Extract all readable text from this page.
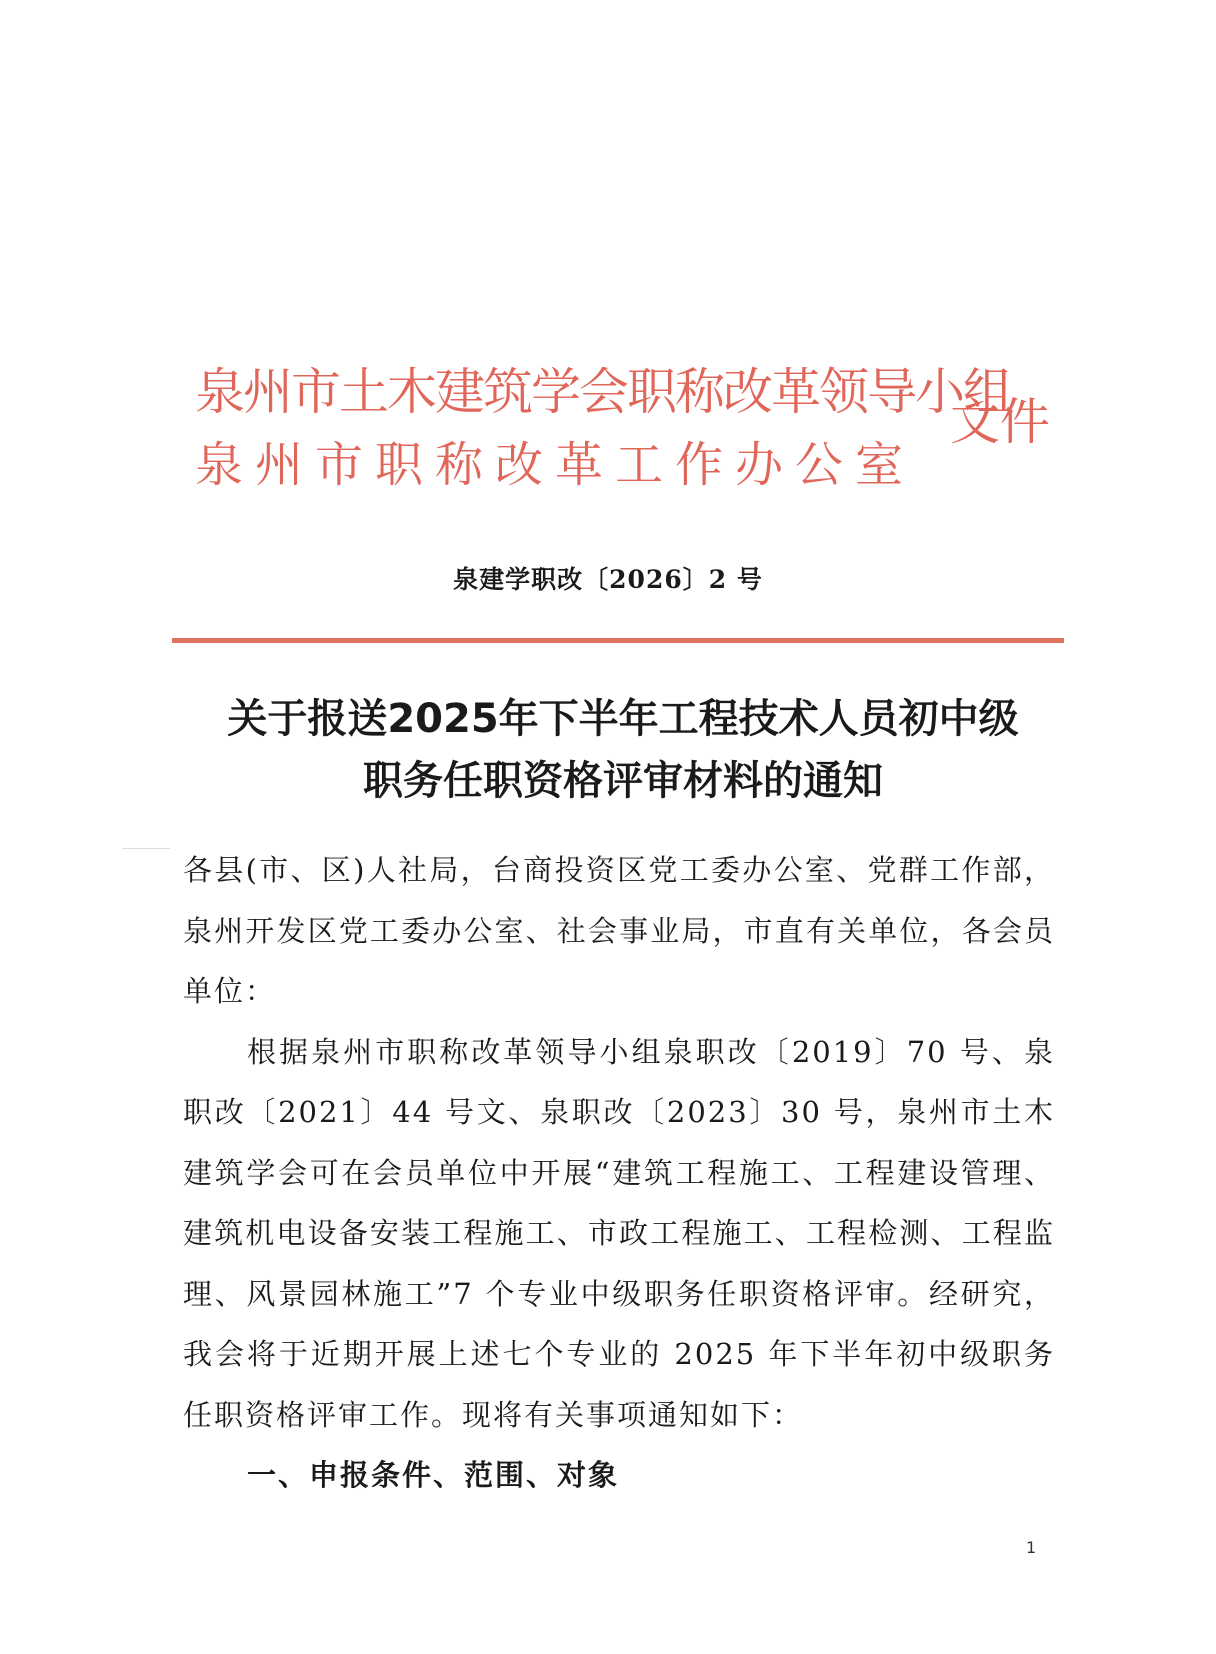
泉州市土木建筑学会职称改革领导小组
泉州市职称改革工作办公室
文件
泉建学职改〔2026〕2 号
关于报送2025年下半年工程技术人员初中级
职务任职资格评审材料的通知

各县(市、区)人社局，台商投资区党工委办公室、党群工作部，泉州开发区党工委办公室、社会事业局，市直有关单位，各会员单位：

根据泉州市职称改革领导小组泉职改〔2019〕70 号、泉职改〔2021〕44 号文、泉职改〔2023〕30 号，泉州市土木建筑学会可在会员单位中开展“建筑工程施工、工程建设管理、建筑机电设备安装工程施工、市政工程施工、工程检测、工程监理、风景园林施工”7 个专业中级职务任职资格评审。经研究，我会将于近期开展上述七个专业的 2025 年下半年初中级职务任职资格评审工作。现将有关事项通知如下：

一、申报条件、范围、对象

1
